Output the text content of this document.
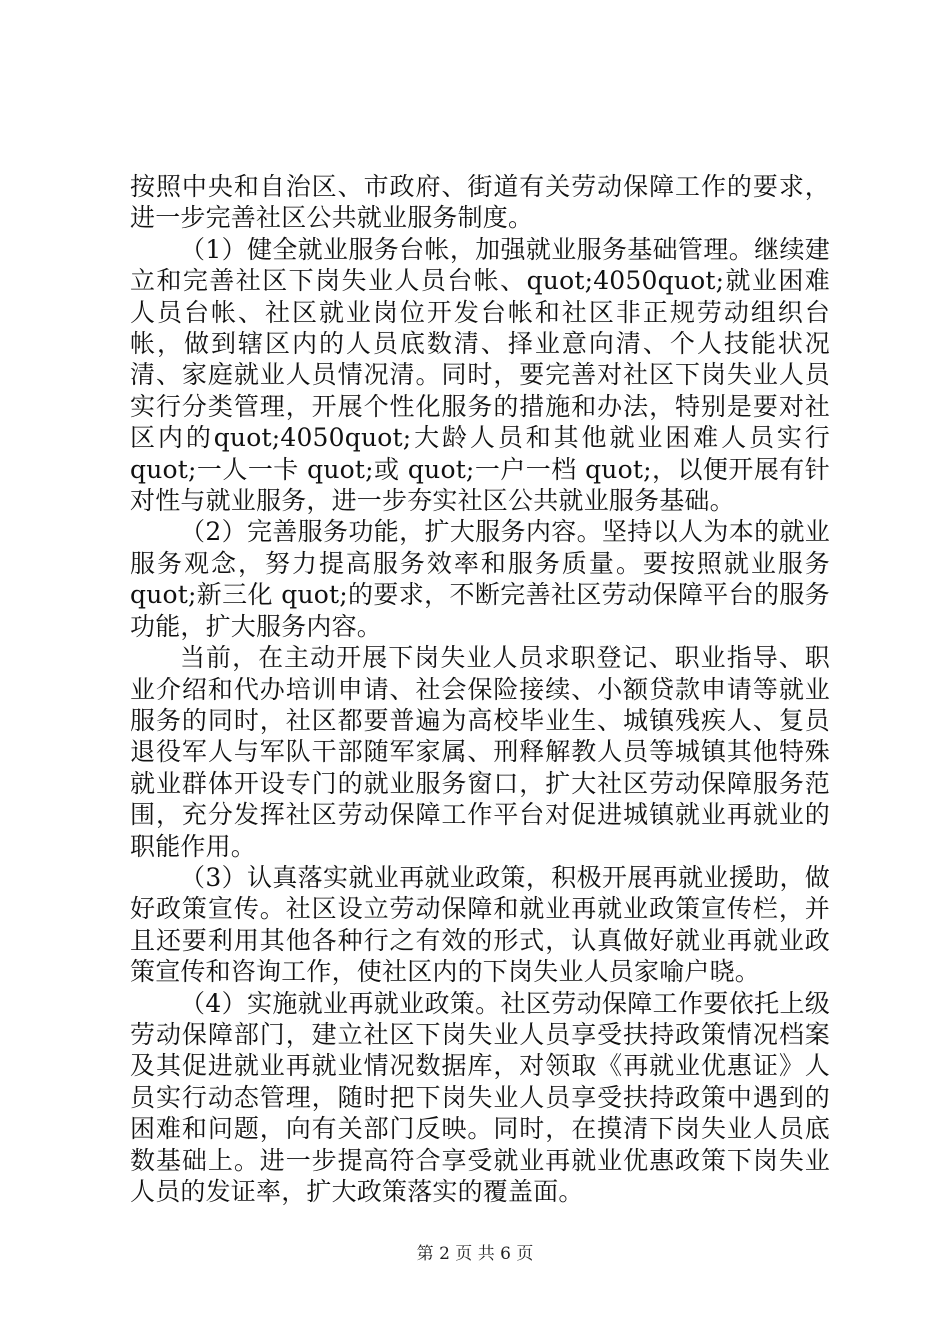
按照中央和自治区、市政府、街道有关劳动保障工作的要求，进一步完善社区公共就业服务制度。

（1）健全就业服务台帐，加强就业服务基础管理。继续建立和完善社区下岗失业人员台帐、quot;4050quot;就业困难人员台帐、社区就业岗位开发台帐和社区非正规劳动组织台帐，做到辖区内的人员底数清、择业意向清、个人技能状况清、家庭就业人员情况清。同时，要完善对社区下岗失业人员实行分类管理，开展个性化服务的措施和办法，特别是要对社区内的quot;4050quot;大龄人员和其他就业困难人员实行 quot;一人一卡 quot;或 quot;一户一档 quot;，以便开展有针对性与就业服务，进一步夯实社区公共就业服务基础。

（2）完善服务功能，扩大服务内容。坚持以人为本的就业服务观念，努力提高服务效率和服务质量。要按照就业服务quot;新三化 quot;的要求，不断完善社区劳动保障平台的服务功能，扩大服务内容。

当前，在主动开展下岗失业人员求职登记、职业指导、职业介绍和代办培训申请、社会保险接续、小额贷款申请等就业服务的同时，社区都要普遍为高校毕业生、城镇残疾人、复员退役军人与军队干部随军家属、刑释解教人员等城镇其他特殊就业群体开设专门的就业服务窗口，扩大社区劳动保障服务范围，充分发挥社区劳动保障工作平台对促进城镇就业再就业的职能作用。

（3）认真落实就业再就业政策，积极开展再就业援助，做好政策宣传。社区设立劳动保障和就业再就业政策宣传栏，并且还要利用其他各种行之有效的形式，认真做好就业再就业政策宣传和咨询工作，使社区内的下岗失业人员家喻户晓。

（4）实施就业再就业政策。社区劳动保障工作要依托上级劳动保障部门，建立社区下岗失业人员享受扶持政策情况档案及其促进就业再就业情况数据库，对领取《再就业优惠证》人员实行动态管理，随时把下岗失业人员享受扶持政策中遇到的困难和问题，向有关部门反映。同时，在摸清下岗失业人员底数基础上。进一步提高符合享受就业再就业优惠政策下岗失业人员的发证率，扩大政策落实的覆盖面。

第 2 页 共 6 页
